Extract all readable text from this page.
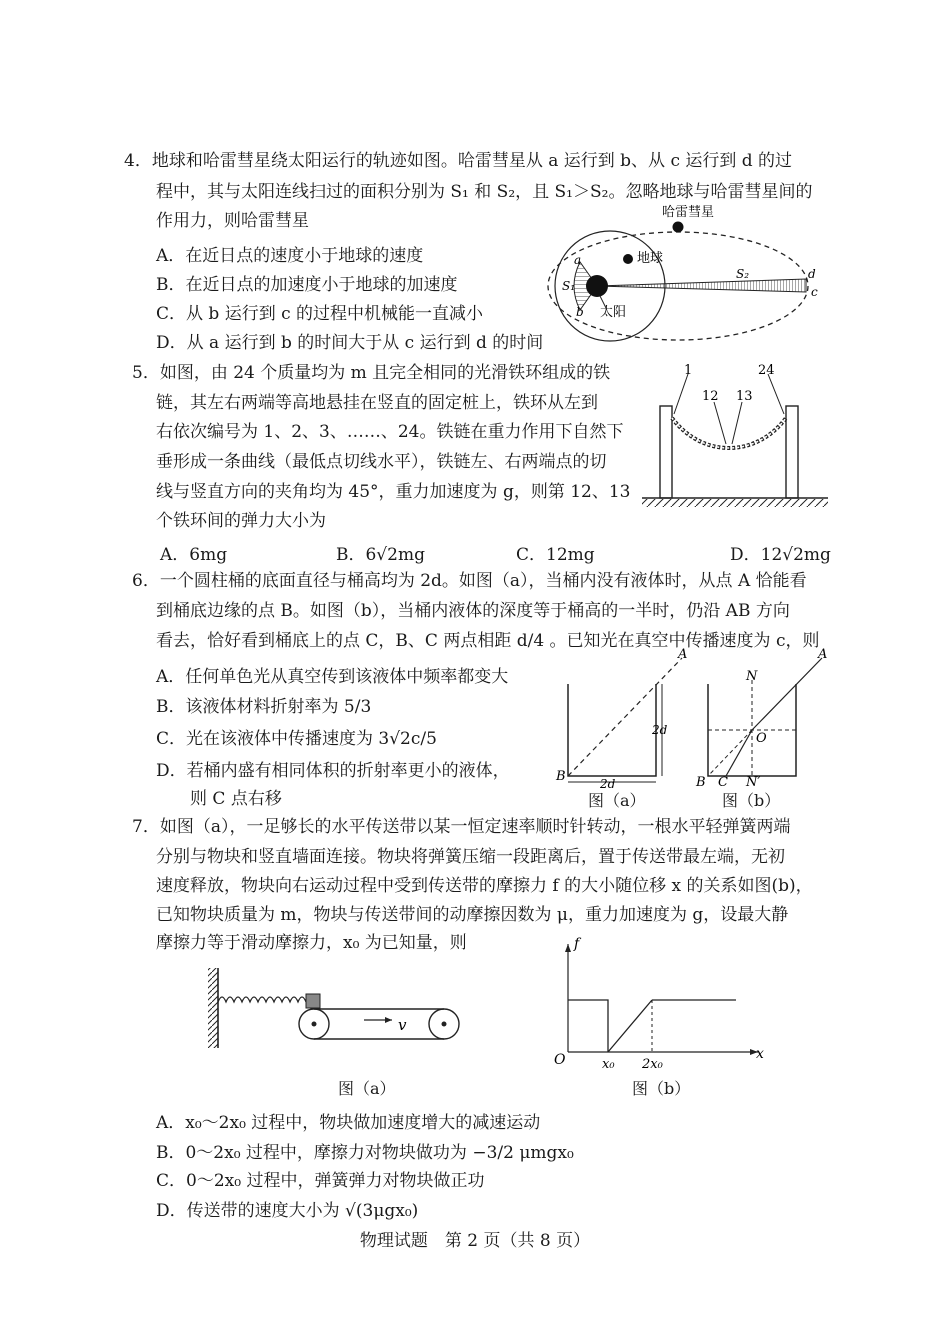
4．地球和哈雷彗星绕太阳运行的轨迹如图。哈雷彗星从 a 运行到 b、从 c 运行到 d 的过
程中，其与太阳连线扫过的面积分别为 S₁ 和 S₂，且 S₁＞S₂。忽略地球与哈雷彗星间的
作用力，则哈雷彗星
A．在近日点的速度小于地球的速度
B．在近日点的加速度小于地球的加速度
C．从 b 运行到 c 的过程中机械能一直减小
D．从 a 运行到 b 的时间大于从 c 运行到 d 的时间
哈雷彗星
地球
太阳
S₁
S₂
a
b
c
d
5．如图，由 24 个质量均为 m 且完全相同的光滑铁环组成的铁
链，其左右两端等高地悬挂在竖直的固定桩上，铁环从左到
右依次编号为 1、2、3、……、24。铁链在重力作用下自然下
垂形成一条曲线（最低点切线水平），铁链左、右两端点的切
线与竖直方向的夹角均为 45°，重力加速度为 g，则第 12、13
个铁环间的弹力大小为
A．6mg	B．6√2mg	C．12mg	D．12√2mg
1
12 13
24
6．一个圆柱桶的底面直径与桶高均为 2d。如图（a），当桶内没有液体时，从点 A 恰能看
到桶底边缘的点 B。如图（b），当桶内液体的深度等于桶高的一半时，仍沿 AB 方向
看去，恰好看到桶底上的点 C，B、C 两点相距 d/4 。已知光在真空中传播速度为 c，则
A．任何单色光从真空传到该液体中频率都变大
B．该液体材料折射率为 5/3
C．光在该液体中传播速度为 3√2c/5
D．若桶内盛有相同体积的折射率更小的液体，
则 C 点右移
A
B
2d
2d
图（a）
A
N
O
B C N′
图（b）
7．如图（a），一足够长的水平传送带以某一恒定速率顺时针转动，一根水平轻弹簧两端
分别与物块和竖直墙面连接。物块将弹簧压缩一段距离后，置于传送带最左端，无初
速度释放，物块向右运动过程中受到传送带的摩擦力 f 的大小随位移 x 的关系如图(b)，
已知物块质量为 m，物块与传送带间的动摩擦因数为 μ，重力加速度为 g，设最大静
摩擦力等于滑动摩擦力，x₀ 为已知量，则
v
图（a）
f
x
O	x₀ 2x₀
图（b）
A．x₀～2x₀ 过程中，物块做加速度增大的减速运动
B．0～2x₀ 过程中，摩擦力对物块做功为 −3/2 μmgx₀
C．0～2x₀ 过程中，弹簧弹力对物块做正功
D．传送带的速度大小为 √(3μgx₀)
物理试题　第 2 页（共 8 页）
